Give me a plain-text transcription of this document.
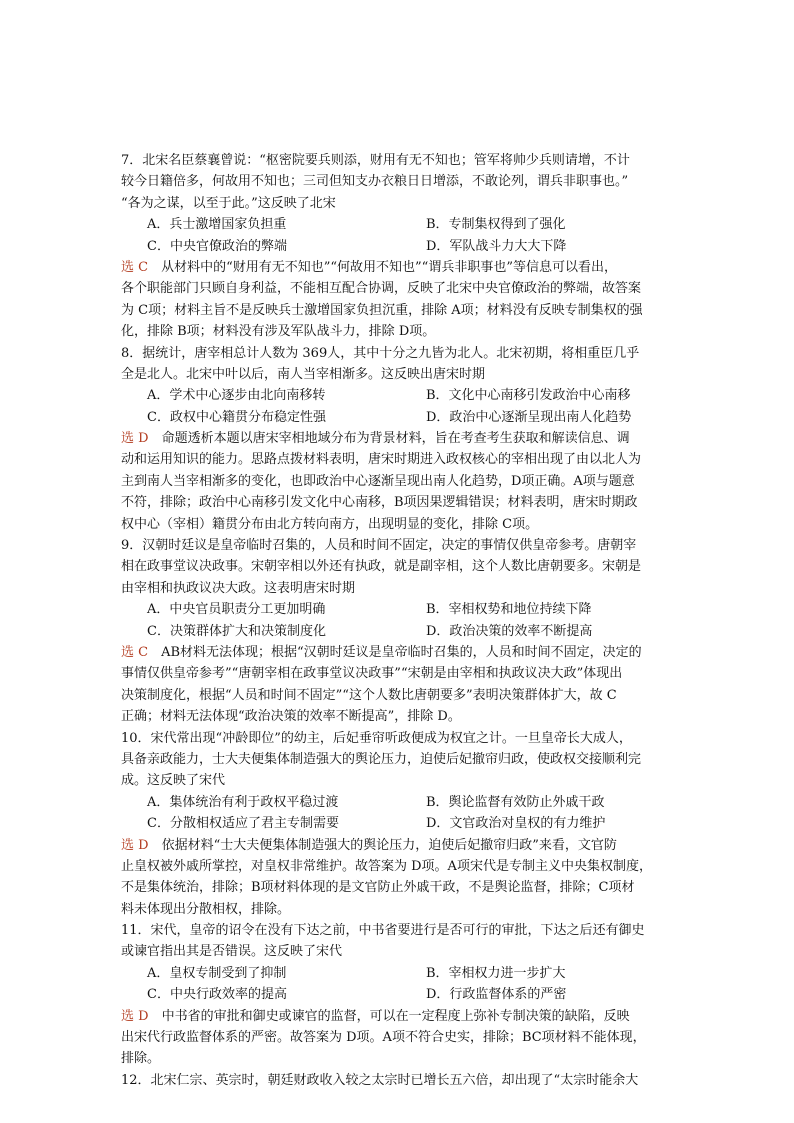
7．北宋名臣蔡襄曾说：“枢密院要兵则添，财用有无不知也；管军将帅少兵则请增，不计
较今日籍倍多，何故用不知也；三司但知支办衣粮日日增添，不敢论列，谓兵非职事也。”
“各为之谋，以至于此。”这反映了北宋
A．兵士激增国家负担重	B．专制集权得到了强化
C．中央官僚政治的弊端	D．军队战斗力大大下降
选 C　从材料中的“财用有无不知也”“何故用不知也”“谓兵非职事也”等信息可以看出，
各个职能部门只顾自身利益，不能相互配合协调，反映了北宋中央官僚政治的弊端，故答案
为 C项；材料主旨不是反映兵士激增国家负担沉重，排除 A项；材料没有反映专制集权的强
化，排除 B项；材料没有涉及军队战斗力，排除 D项。
8．据统计，唐宰相总计人数为 369人，其中十分之九皆为北人。北宋初期，将相重臣几乎
全是北人。北宋中叶以后，南人当宰相渐多。这反映出唐宋时期
A．学术中心逐步由北向南移转	B．文化中心南移引发政治中心南移
C．政权中心籍贯分布稳定性强	D．政治中心逐渐呈现出南人化趋势
选 D　命题透析本题以唐宋宰相地域分布为背景材料，旨在考查考生获取和解读信息、调
动和运用知识的能力。思路点拨材料表明，唐宋时期进入政权核心的宰相出现了由以北人为
主到南人当宰相渐多的变化，也即政治中心逐渐呈现出南人化趋势，D项正确。A项与题意
不符，排除；政治中心南移引发文化中心南移，B项因果逻辑错误；材料表明，唐宋时期政
权中心（宰相）籍贯分布由北方转向南方，出现明显的变化，排除 C项。
9．汉朝时廷议是皇帝临时召集的，人员和时间不固定，决定的事情仅供皇帝参考。唐朝宰
相在政事堂议决政事。宋朝宰相以外还有执政，就是副宰相，这个人数比唐朝要多。宋朝是
由宰相和执政议决大政。这表明唐宋时期
A．中央官员职责分工更加明确	B．宰相权势和地位持续下降
C．决策群体扩大和决策制度化	D．政治决策的效率不断提高
选 C　AB材料无法体现；根据“汉朝时廷议是皇帝临时召集的，人员和时间不固定，决定的
事情仅供皇帝参考”“唐朝宰相在政事堂议决政事”“宋朝是由宰相和执政议决大政”体现出
决策制度化，根据“人员和时间不固定”“这个人数比唐朝要多”表明决策群体扩大，故 C
正确；材料无法体现“政治决策的效率不断提高”，排除 D。
10．宋代常出现“冲龄即位”的幼主，后妃垂帘听政便成为权宜之计。一旦皇帝长大成人，
具备亲政能力，士大夫便集体制造强大的舆论压力，迫使后妃撤帘归政，使政权交接顺利完
成。这反映了宋代
A．集体统治有利于政权平稳过渡	B．舆论监督有效防止外戚干政
C．分散相权适应了君主专制需要	D．文官政治对皇权的有力维护
选 D　依据材料“士大夫便集体制造强大的舆论压力，迫使后妃撤帘归政”来看，文官防
止皇权被外戚所掌控，对皇权非常维护。故答案为 D项。A项宋代是专制主义中央集权制度，
不是集体统治，排除；B项材料体现的是文官防止外戚干政，不是舆论监督，排除；C项材
料未体现出分散相权，排除。
11．宋代，皇帝的诏令在没有下达之前，中书省要进行是否可行的审批，下达之后还有御史
或谏官指出其是否错误。这反映了宋代
A．皇权专制受到了抑制	B．宰相权力进一步扩大
C．中央行政效率的提高	D．行政监督体系的严密
选 D　中书省的审批和御史或谏官的监督，可以在一定程度上弥补专制决策的缺陷，反映
出宋代行政监督体系的严密。故答案为 D项。A项不符合史实，排除；BC项材料不能体现，
排除。
12．北宋仁宗、英宗时，朝廷财政收入较之太宗时已增长五六倍，却出现了“太宗时能余大
